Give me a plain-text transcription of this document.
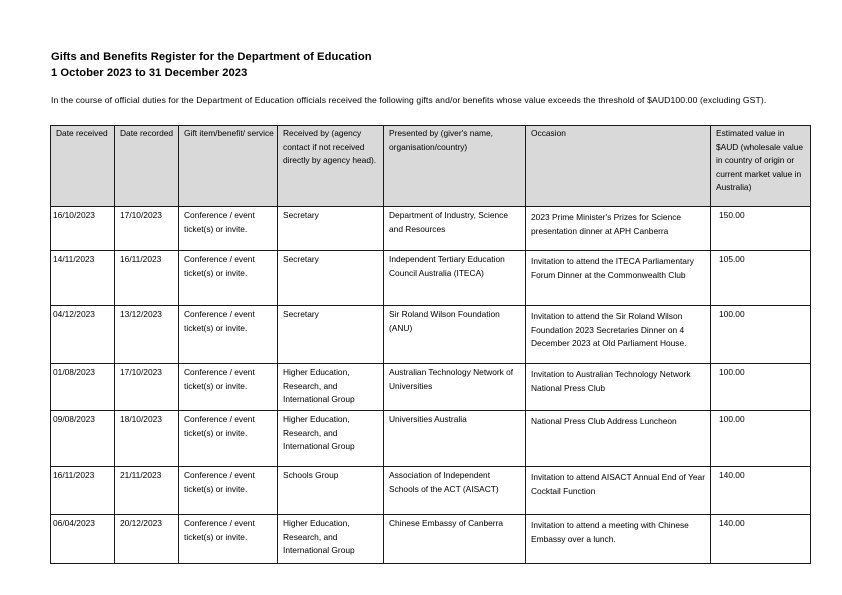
Gifts and Benefits Register for the Department of Education
1 October 2023 to 31 December 2023
In the course of official duties for the Department of Education officials received the following gifts and/or benefits whose value exceeds the threshold of $AUD100.00 (excluding GST).
Date received	Date recorded	Gift item/benefit/ service	Received by (agency contact if not received directly by agency head).	Presented by (giver's name, organisation/country)	Occasion	Estimated value in $AUD (wholesale value in country of origin or current market value in Australia)
16/10/2023	17/10/2023	Conference / event ticket(s) or invite.	Secretary	Department of Industry, Science and Resources	2023 Prime Minister's Prizes for Science presentation dinner at APH Canberra	150.00
14/11/2023	16/11/2023	Conference / event ticket(s) or invite.	Secretary	Independent Tertiary Education Council Australia (ITECA)	Invitation to attend the ITECA Parliamentary Forum Dinner at the Commonwealth Club	105.00
04/12/2023	13/12/2023	Conference / event ticket(s) or invite.	Secretary	Sir Roland Wilson Foundation (ANU)	Invitation to attend the Sir Roland Wilson Foundation 2023 Secretaries Dinner on 4 December 2023 at Old Parliament House.	100.00
01/08/2023	17/10/2023	Conference / event ticket(s) or invite.	Higher Education, Research, and International Group	Australian Technology Network of Universities	Invitation to Australian Technology Network National Press Club	100.00
09/08/2023	18/10/2023	Conference / event ticket(s) or invite.	Higher Education, Research, and International Group	Universities Australia	National Press Club Address Luncheon	100.00
16/11/2023	21/11/2023	Conference / event ticket(s) or invite.	Schools Group	Association of Independent Schools of the ACT (AISACT)	Invitation to attend AISACT Annual End of Year Cocktail Function	140.00
06/04/2023	20/12/2023	Conference / event ticket(s) or invite.	Higher Education, Research, and International Group	Chinese Embassy of Canberra	Invitation to attend a meeting with Chinese Embassy over a lunch.	140.00
